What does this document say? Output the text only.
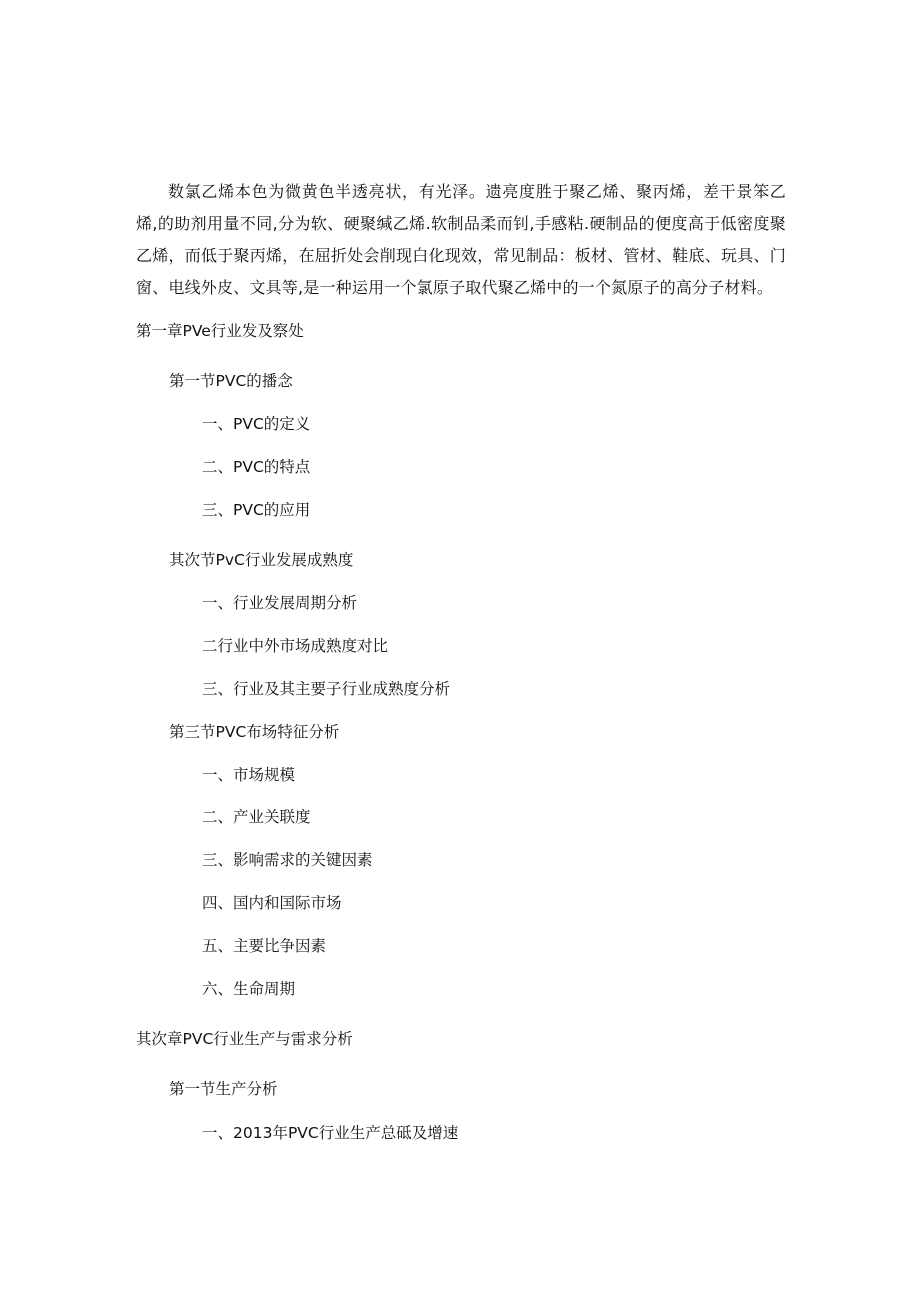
数氯乙烯本色为微黄色半透亮状，有光泽。遗亮度胜于聚乙烯、聚丙烯，差干景笨乙烯,的助剂用量不同,分为软、硬聚缄乙烯.软制品柔而钊,手感粘.硬制品的便度高于低密度聚乙烯，而低于聚丙烯，在屈折处会削现白化现效，常见制品：板材、管材、鞋底、玩具、门窗、电线外皮、文具等,是一种运用一个氯原子取代聚乙烯中的一个氮原子的高分子材料。

第一章PVe行业发及察处

第一节PVC的播念

一、PVC的定义

二、PVC的特点

三、PVC的应用

其次节PvC行业发展成熟度

一、行业发展周期分析

二行业中外市场成熟度对比

三、行业及其主要子行业成熟度分析

第三节PVC布场特征分析

一、市场规模

二、产业关联度

三、影响需求的关键因素

四、国内和国际市场

五、主要比争因素

六、生命周期

其次章PVC行业生产与雷求分析

第一节生产分析

一、2013年PVC行业生产总砥及增速
